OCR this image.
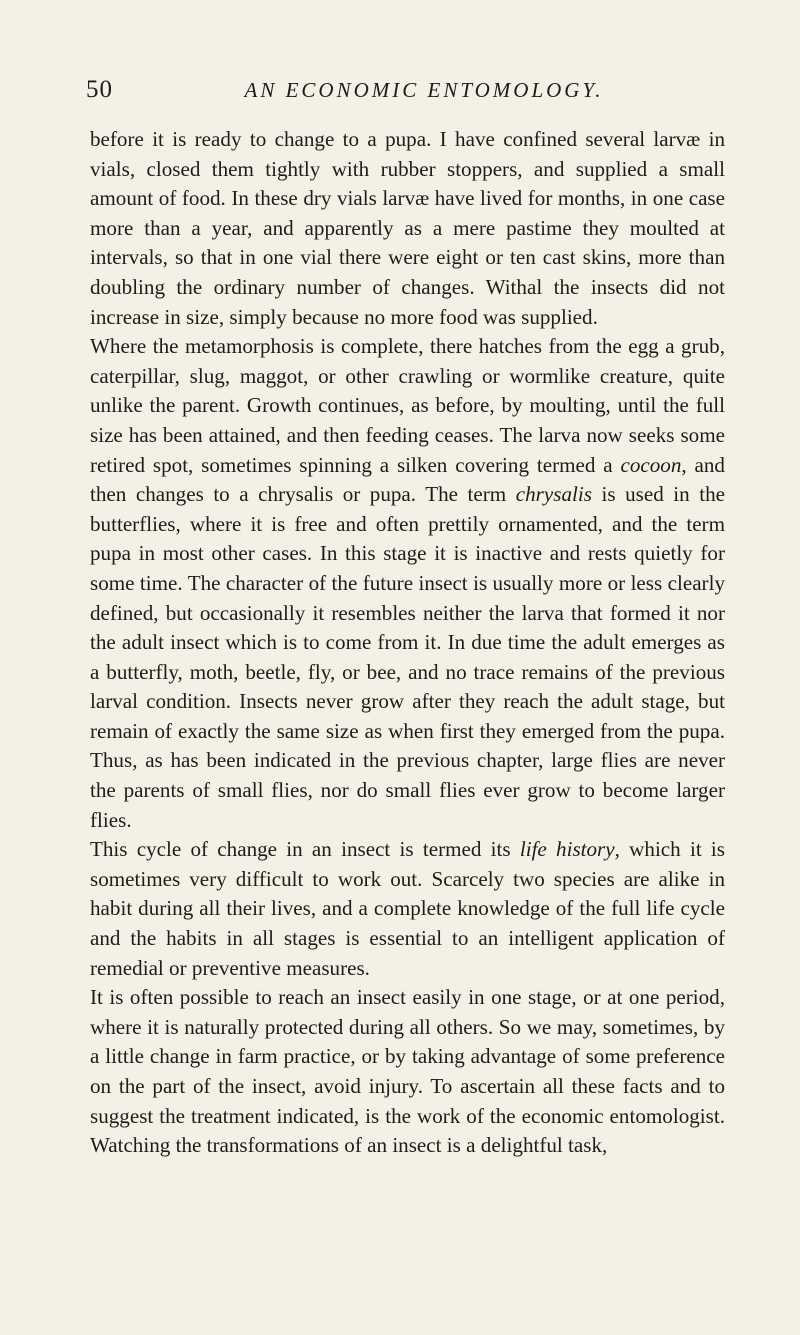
50	AN ECONOMIC ENTOMOLOGY.

before it is ready to change to a pupa. I have confined several larvæ in vials, closed them tightly with rubber stoppers, and supplied a small amount of food. In these dry vials larvæ have lived for months, in one case more than a year, and apparently as a mere pastime they moulted at intervals, so that in one vial there were eight or ten cast skins, more than doubling the ordinary number of changes. Withal the insects did not increase in size, simply because no more food was supplied.

Where the metamorphosis is complete, there hatches from the egg a grub, caterpillar, slug, maggot, or other crawling or wormlike creature, quite unlike the parent. Growth continues, as before, by moulting, until the full size has been attained, and then feeding ceases. The larva now seeks some retired spot, sometimes spinning a silken covering termed a cocoon, and then changes to a chrysalis or pupa. The term chrysalis is used in the butterflies, where it is free and often prettily ornamented, and the term pupa in most other cases. In this stage it is inactive and rests quietly for some time. The character of the future insect is usually more or less clearly defined, but occasionally it resembles neither the larva that formed it nor the adult insect which is to come from it. In due time the adult emerges as a butterfly, moth, beetle, fly, or bee, and no trace remains of the previous larval condition. Insects never grow after they reach the adult stage, but remain of exactly the same size as when first they emerged from the pupa. Thus, as has been indicated in the previous chapter, large flies are never the parents of small flies, nor do small flies ever grow to become larger flies.

This cycle of change in an insect is termed its life history, which it is sometimes very difficult to work out. Scarcely two species are alike in habit during all their lives, and a complete knowledge of the full life cycle and the habits in all stages is essential to an intelligent application of remedial or preventive measures.

It is often possible to reach an insect easily in one stage, or at one period, where it is naturally protected during all others. So we may, sometimes, by a little change in farm practice, or by taking advantage of some preference on the part of the insect, avoid injury. To ascertain all these facts and to suggest the treatment indicated, is the work of the economic entomologist. Watching the transformations of an insect is a delightful task,
